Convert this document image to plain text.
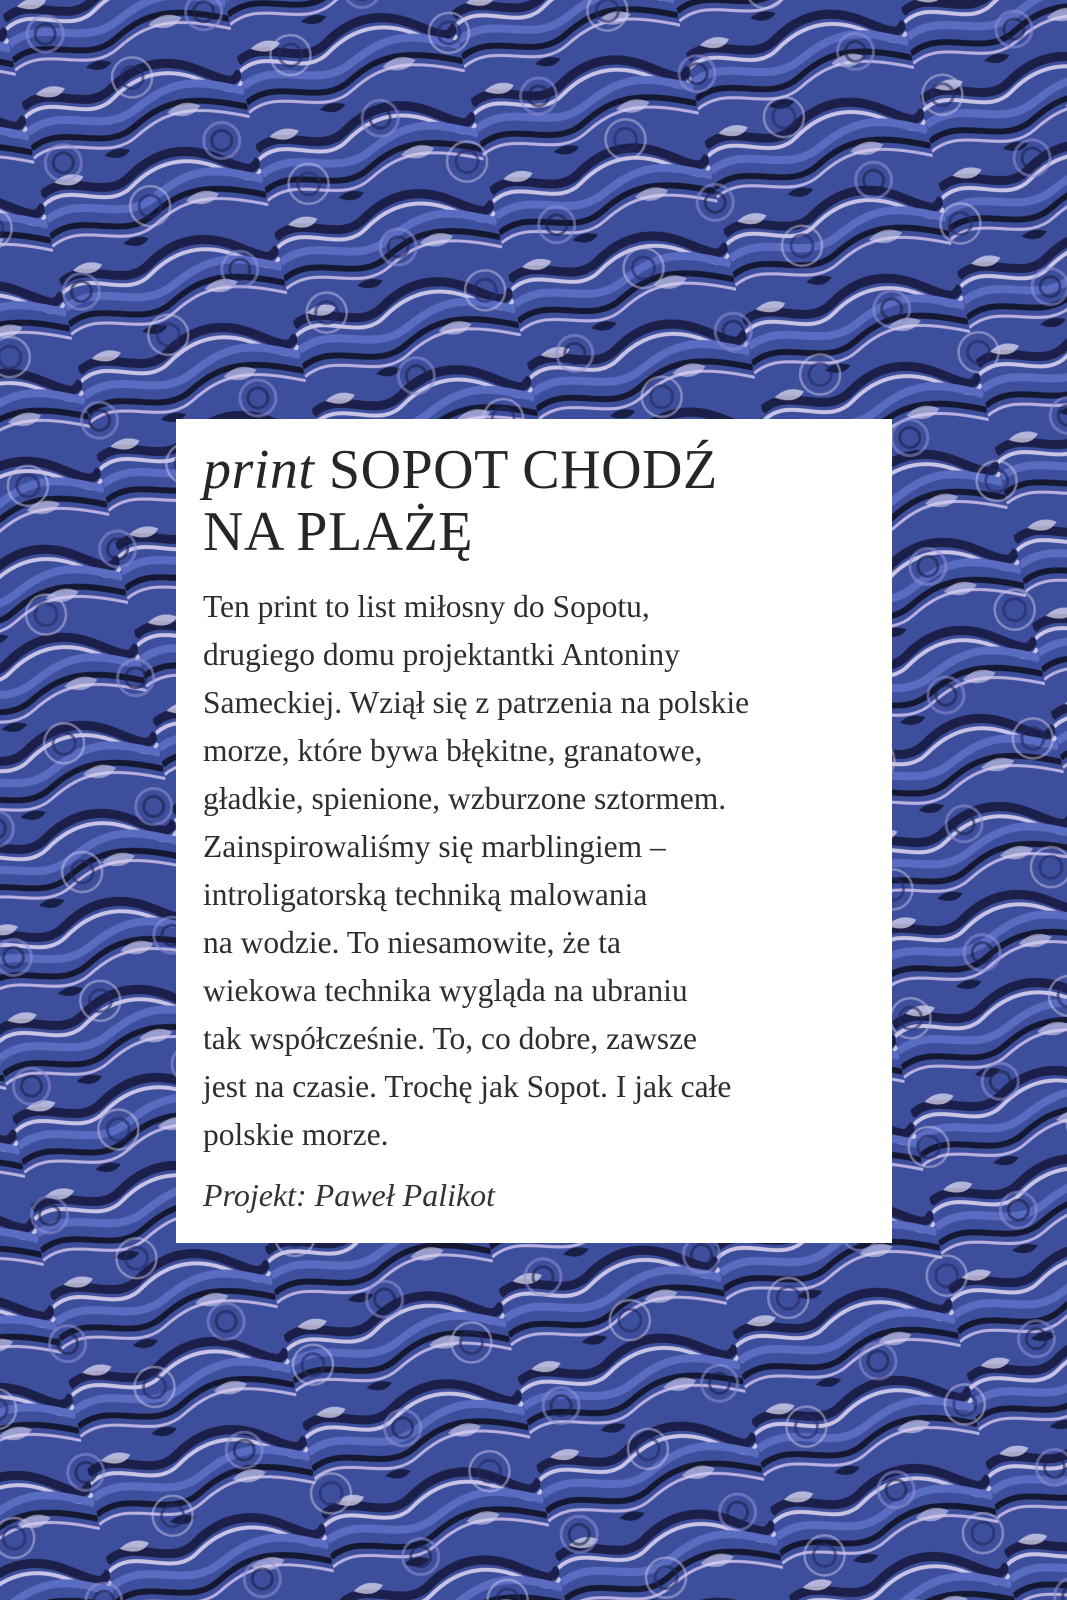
print SOPOT CHODŹ
NA PLAŻĘ
Ten print to list miłosny do Sopotu,
drugiego domu projektantki Antoniny
Sameckiej. Wziął się z patrzenia na polskie
morze, które bywa błękitne, granatowe,
gładkie, spienione, wzburzone sztormem.
Zainspirowaliśmy się marblingiem –
introligatorską techniką malowania
na wodzie. To niesamowite, że ta
wiekowa technika wygląda na ubraniu
tak współcześnie. To, co dobre, zawsze
jest na czasie. Trochę jak Sopot. I jak całe
polskie morze.
Projekt: Paweł Palikot
